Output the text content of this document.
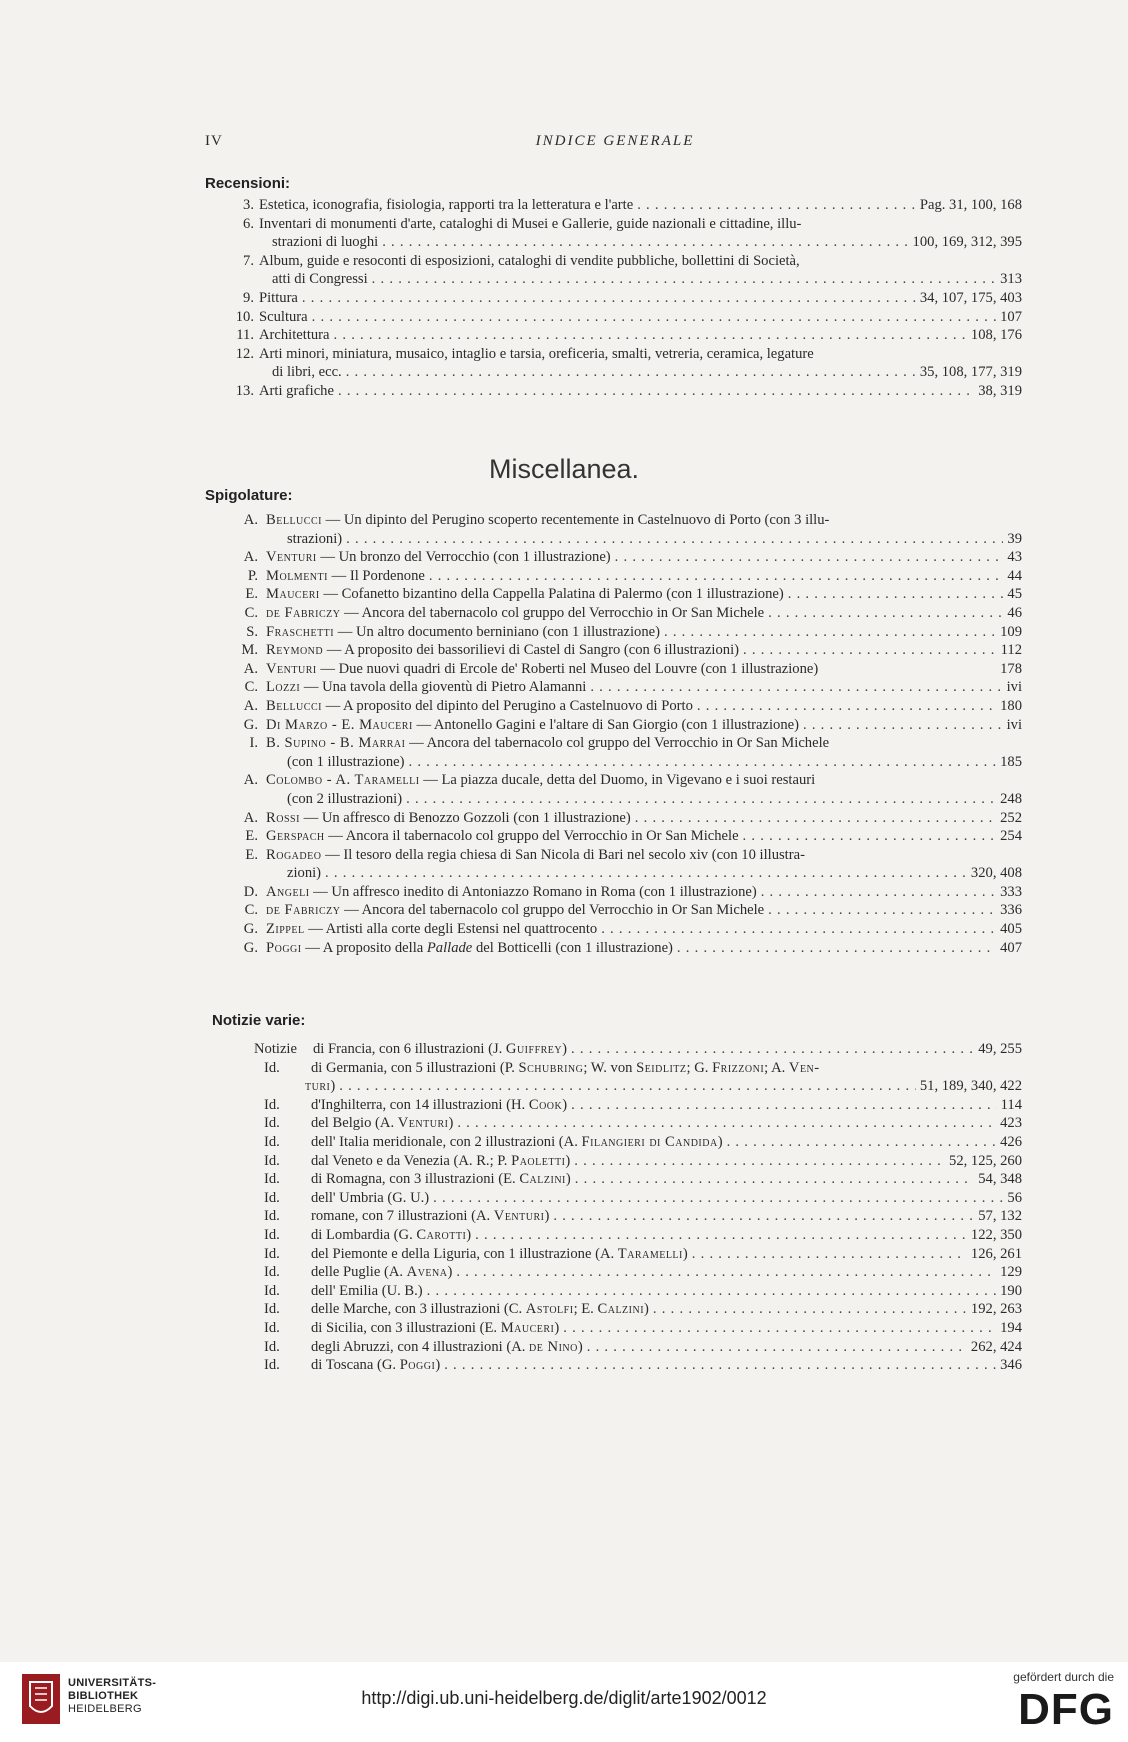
IV	INDICE GENERALE
Recensioni:
3. Estetica, iconografia, fisiologia, rapporti tra la letteratura e l'arte .....	Pag. 31, 100, 168
6. Inventari di monumenti d'arte, cataloghi di Musei e Gallerie, guide nazionali e cittadine, illu-
strazioni di luoghi .....	100, 169, 312, 395
7. Album, guide e resoconti di esposizioni, cataloghi di vendite pubbliche, bollettini di Società,
atti di Congressi .....	313
9. Pittura .....	34, 107, 175, 403
10. Scultura .....	107
11. Architettura .....	108, 176
12. Arti minori, miniatura, musaico, intaglio e tarsia, oreficeria, smalti, vetreria, ceramica, legature
di libri, ecc. .....	35, 108, 177, 319
13. Arti grafiche .....	38, 319
Miscellanea.
Spigolature:
A. Bellucci — Un dipinto del Perugino scoperto recentemente in Castelnuovo di Porto (con 3 illu-
strazioni) .....	39
A. Venturi — Un bronzo del Verrocchio (con 1 illustrazione) .....	43
P. Molmenti — Il Pordenone .....	44
E. Mauceri — Cofanetto bizantino della Cappella Palatina di Palermo (con 1 illustrazione) .....	45
C. de Fabriczy — Ancora del tabernacolo col gruppo del Verrocchio in Or San Michele .....	46
S. Fraschetti — Un altro documento berniniano (con 1 illustrazione) .....	109
M. Reymond — A proposito dei bassorilievi di Castel di Sangro (con 6 illustrazioni) .....	112
A. Venturi — Due nuovi quadri di Ercole de' Roberti nel Museo del Louvre (con 1 illustrazione)	178
C. Lozzi — Una tavola della gioventù di Pietro Alamanni .....	ivi
A. Bellucci — A proposito del dipinto del Perugino a Castelnuovo di Porto .....	180
G. Di Marzo - E. Mauceri — Antonello Gagini e l'altare di San Giorgio (con 1 illustrazione) .....	ivi
I. B. Supino - B. Marrai — Ancora del tabernacolo col gruppo del Verrocchio in Or San Michele
(con 1 illustrazione) .....	185
A. Colombo - A. Taramelli — La piazza ducale, detta del Duomo, in Vigevano e i suoi restauri
(con 2 illustrazioni) .....	248
A. Rossi — Un affresco di Benozzo Gozzoli (con 1 illustrazione) .....	252
E. Gerspach — Ancora il tabernacolo col gruppo del Verrocchio in Or San Michele .....	254
E. Rogadeo — Il tesoro della regia chiesa di San Nicola di Bari nel secolo xiv (con 10 illustra-
zioni) .....	320, 408
D. Angeli — Un affresco inedito di Antoniazzo Romano in Roma (con 1 illustrazione) .....	333
C. de Fabriczy — Ancora del tabernacolo col gruppo del Verrocchio in Or San Michele .....	336
G. Zippel — Artisti alla corte degli Estensi nel quattrocento .....	405
G. Poggi — A proposito della Pallade del Botticelli (con 1 illustrazione) .....	407
Notizie varie:
Notizie	di Francia, con 6 illustrazioni (J. Guiffrey) .....	49, 255
Id.	di Germania, con 5 illustrazioni (P. Schubring; W. von Seidlitz; G. Frizzoni; A. Ven-
turi) .....	51, 189, 340, 422
Id.	d'Inghilterra, con 14 illustrazioni (H. Cook) .....	114
Id.	del Belgio (A. Venturi) .....	423
Id.	dell' Italia meridionale, con 2 illustrazioni (A. Filangieri di Candida) .....	426
Id.	dal Veneto e da Venezia (A. R.; P. Paoletti) .....	52, 125, 260
Id.	di Romagna, con 3 illustrazioni (E. Calzini) .....	54, 348
Id.	dell' Umbria (G. U.) .....	56
Id.	romane, con 7 illustrazioni (A. Venturi) .....	57, 132
Id.	di Lombardia (G. Carotti) .....	122, 350
Id.	del Piemonte e della Liguria, con 1 illustrazione (A. Taramelli) .....	126, 261
Id.	delle Puglie (A. Avena) .....	129
Id.	dell' Emilia (U. B.) .....	190
Id.	delle Marche, con 3 illustrazioni (C. Astolfi; E. Calzini) .....	192, 263
Id.	di Sicilia, con 3 illustrazioni (E. Mauceri) .....	194
Id.	degli Abruzzi, con 4 illustrazioni (A. de Nino) .....	262, 424
Id.	di Toscana (G. Poggi) .....	346
UNIVERSITÄTS-
BIBLIOTHEK
HEIDELBERG
http://digi.ub.uni-heidelberg.de/diglit/arte1902/0012
gefördert durch die
DFG
